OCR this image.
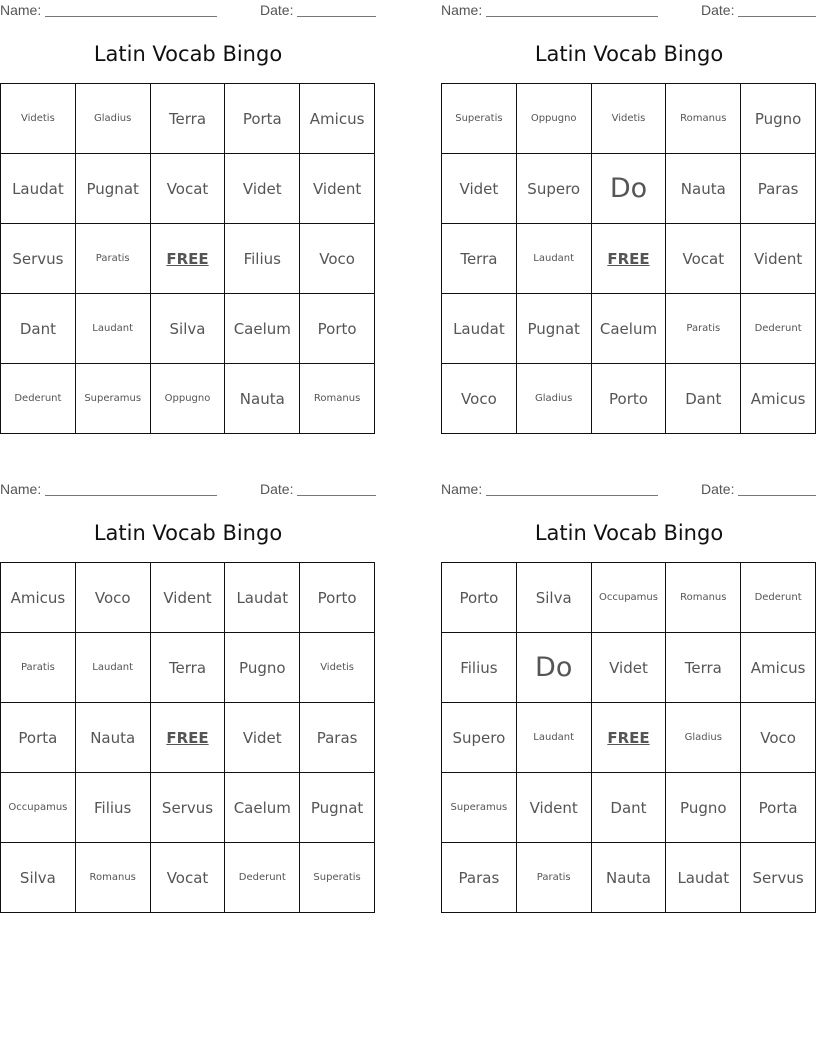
Name:	Date:
Latin Vocab Bingo
Videtis	Gladius	Terra	Porta	Amicus
Laudat	Pugnat	Vocat	Videt	Vident
Servus	Paratis	FREE	Filius	Voco
Dant	Laudant	Silva	Caelum	Porto
Dederunt	Superamus	Oppugno	Nauta	Romanus
Name:	Date:
Latin Vocab Bingo
Superatis	Oppugno	Videtis	Romanus	Pugno
Videt	Supero	Do	Nauta	Paras
Terra	Laudant	FREE	Vocat	Vident
Laudat	Pugnat	Caelum	Paratis	Dederunt
Voco	Gladius	Porto	Dant	Amicus
Name:	Date:
Latin Vocab Bingo
Amicus	Voco	Vident	Laudat	Porto
Paratis	Laudant	Terra	Pugno	Videtis
Porta	Nauta	FREE	Videt	Paras
Occupamus	Filius	Servus	Caelum	Pugnat
Silva	Romanus	Vocat	Dederunt	Superatis
Name:	Date:
Latin Vocab Bingo
Porto	Silva	Occupamus	Romanus	Dederunt
Filius	Do	Videt	Terra	Amicus
Supero	Laudant	FREE	Gladius	Voco
Superamus	Vident	Dant	Pugno	Porta
Paras	Paratis	Nauta	Laudat	Servus
